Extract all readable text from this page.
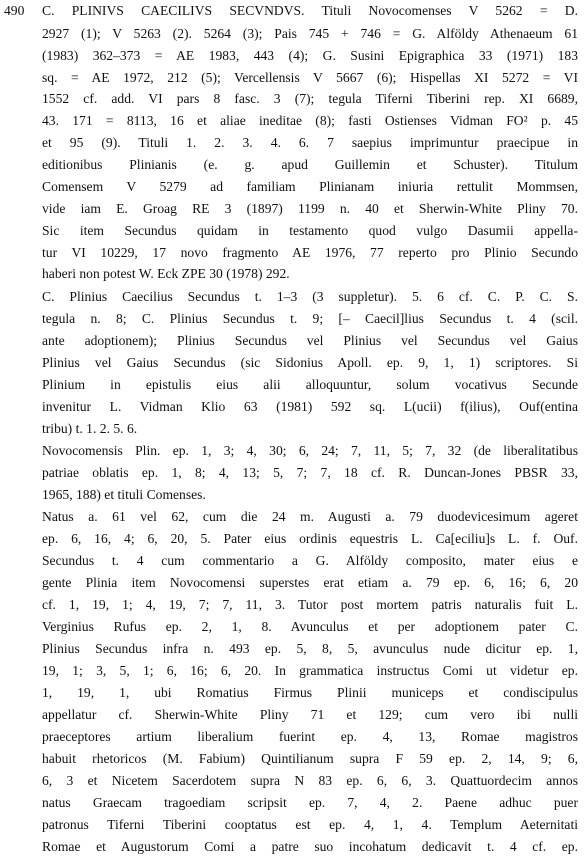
490 C. PLINIVS CAECILIVS SECVNDVS. Tituli Novocomenses V 5262 = D.
2927 (1); V 5263 (2). 5264 (3); Pais 745 + 746 = G. Alföldy Athenaeum 61
(1983) 362–373 = AE 1983, 443 (4); G. Susini Epigraphica 33 (1971) 183
sq. = AE 1972, 212 (5); Vercellensis V 5667 (6); Hispellas XI 5272 = VI
1552 cf. add. VI pars 8 fasc. 3 (7); tegula Tiferni Tiberini rep. XI 6689,
43. 171 = 8113, 16 et aliae ineditae (8); fasti Ostienses Vidman FO² p. 45
et 95 (9). Tituli 1. 2. 3. 4. 6. 7 saepius imprimuntur praecipue in
editionibus Plinianis (e. g. apud Guillemin et Schuster). Titulum
Comensem V 5279 ad familiam Plinianam iniuria rettulit Mommsen,
vide iam E. Groag RE 3 (1897) 1199 n. 40 et Sherwin-White Pliny 70.
Sic item Secundus quidam in testamento quod vulgo Dasumii appella-
tur VI 10229, 17 novo fragmento AE 1976, 77 reperto pro Plinio Secundo
haberi non potest W. Eck ZPE 30 (1978) 292.
C. Plinius Caecilius Secundus t. 1–3 (3 suppletur). 5. 6 cf. C. P. C. S.
tegula n. 8; C. Plinius Secundus t. 9; [– Caecil]lius Secundus t. 4 (scil.
ante adoptionem); Plinius Secundus vel Plinius vel Secundus vel Gaius
Plinius vel Gaius Secundus (sic Sidonius Apoll. ep. 9, 1, 1) scriptores. Si
Plinium in epistulis eius alii alloquuntur, solum vocativus Secunde
invenitur L. Vidman Klio 63 (1981) 592 sq. L(ucii) f(ilius), Ouf(entina
tribu) t. 1. 2. 5. 6.
Novocomensis Plin. ep. 1, 3; 4, 30; 6, 24; 7, 11, 5; 7, 32 (de liberalitatibus
patriae oblatis ep. 1, 8; 4, 13; 5, 7; 7, 18 cf. R. Duncan-Jones PBSR 33,
1965, 188) et tituli Comenses.
Natus a. 61 vel 62, cum die 24 m. Augusti a. 79 duodevicesimum ageret
ep. 6, 16, 4; 6, 20, 5. Pater eius ordinis equestris L. Ca[eciliu]s L. f. Ouf.
Secundus t. 4 cum commentario a G. Alföldy composito, mater eius e
gente Plinia item Novocomensi superstes erat etiam a. 79 ep. 6, 16; 6, 20
cf. 1, 19, 1; 4, 19, 7; 7, 11, 3. Tutor post mortem patris naturalis fuit L.
Verginius Rufus ep. 2, 1, 8. Avunculus et per adoptionem pater C.
Plinius Secundus infra n. 493 ep. 5, 8, 5, avunculus nude dicitur ep. 1,
19, 1; 3, 5, 1; 6, 16; 6, 20. In grammatica instructus Comi ut videtur ep.
1, 19, 1, ubi Romatius Firmus Plinii municeps et condiscipulus
appellatur cf. Sherwin-White Pliny 71 et 129; cum vero ibi nulli
praeceptores artium liberalium fuerint ep. 4, 13, Romae magistros
habuit rhetoricos (M. Fabium) Quintilianum supra F 59 ep. 2, 14, 9; 6,
6, 3 et Nicetem Sacerdotem supra N 83 ep. 6, 6, 3. Quattuordecim annos
natus Graecam tragoediam scripsit ep. 7, 4, 2. Paene adhuc puer
patronus Tiferni Tiberini cooptatus est ep. 4, 1, 4. Templum Aeternitati
Romae et Augustorum Comi a patre suo incohatum dedicavit t. 4 cf. ep.
